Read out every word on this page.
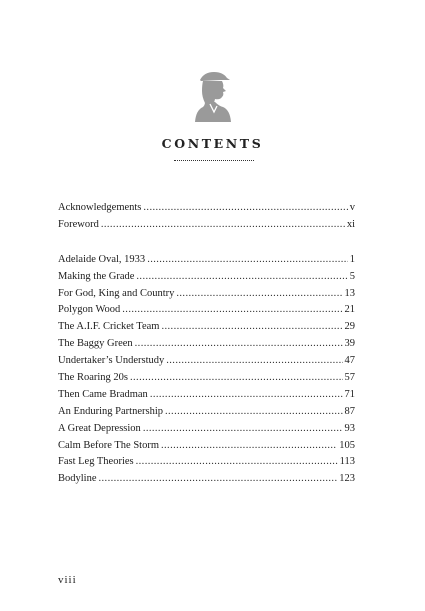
CONTENTS
Acknowledgements .....	v
Foreword .....	xi
Adelaide Oval, 1933 .....	1
Making the Grade .....	5
For God, King and Country .....	13
Polygon Wood .....	21
The A.I.F. Cricket Team .....	29
The Baggy Green .....	39
Undertaker’s Understudy .....	47
The Roaring 20s .....	57
Then Came Bradman .....	71
An Enduring Partnership .....	87
A Great Depression .....	93
Calm Before The Storm .....	105
Fast Leg Theories .....	113
Bodyline .....	123
viii
